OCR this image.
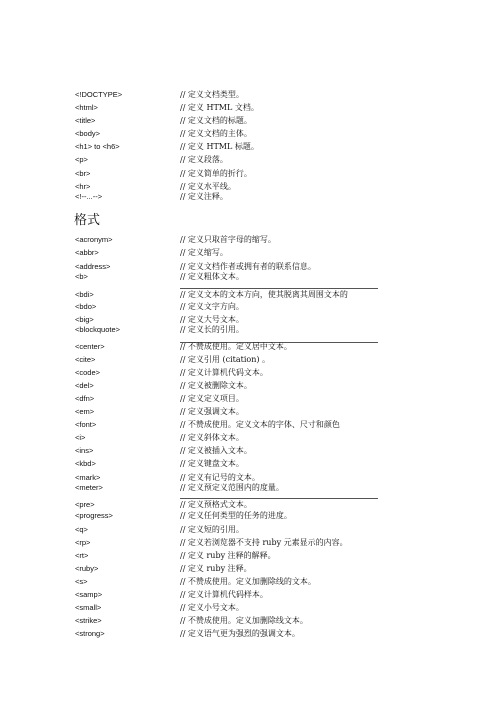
<!DOCTYPE>	// 定义文档类型。
<html>	// 定义 HTML 文档。
<title>	// 定义文档的标题。
<body>	// 定义文档的主体。
<h1> to <h6>	// 定义 HTML 标题。
<p>	// 定义段落。
<br>	// 定义简单的折行。
<hr>	// 定义水平线。
<!--...-->	// 定义注释。
格式
<acronym>	// 定义只取首字母的缩写。
<abbr>	// 定义缩写。
<address>	// 定义文档作者或拥有者的联系信息。
<b>	// 定义粗体文本。
<bdi>	// 定义文本的文本方向，使其脱离其周围文本的
<bdo>	// 定义文字方向。
<big>	// 定义大号文本。
<blockquote>	// 定义长的引用。
<center>	// 不赞成使用。定义居中文本。
<cite>	// 定义引用 (citation) 。
<code>	// 定义计算机代码文本。
<del>	// 定义被删除文本。
<dfn>	// 定义定义项目。
<em>	// 定义强调文本。
<font>	// 不赞成使用。定义文本的字体、尺寸和颜色
<i>	// 定义斜体文本。
<ins>	// 定义被插入文本。
<kbd>	// 定义键盘文本。
<mark>	// 定义有记号的文本。
<meter>	// 定义预定义范围内的度量。
<pre>	// 定义预格式文本。
<progress>	// 定义任何类型的任务的进度。
<q>	// 定义短的引用。
<rp>	// 定义若浏览器不支持 ruby 元素显示的内容。
<rt>	// 定义 ruby 注释的解释。
<ruby>	// 定义 ruby 注释。
<s>	// 不赞成使用。定义加删除线的文本。
<samp>	// 定义计算机代码样本。
<small>	// 定义小号文本。
<strike>	// 不赞成使用。定义加删除线文本。
<strong>	// 定义语气更为强烈的强调文本。
